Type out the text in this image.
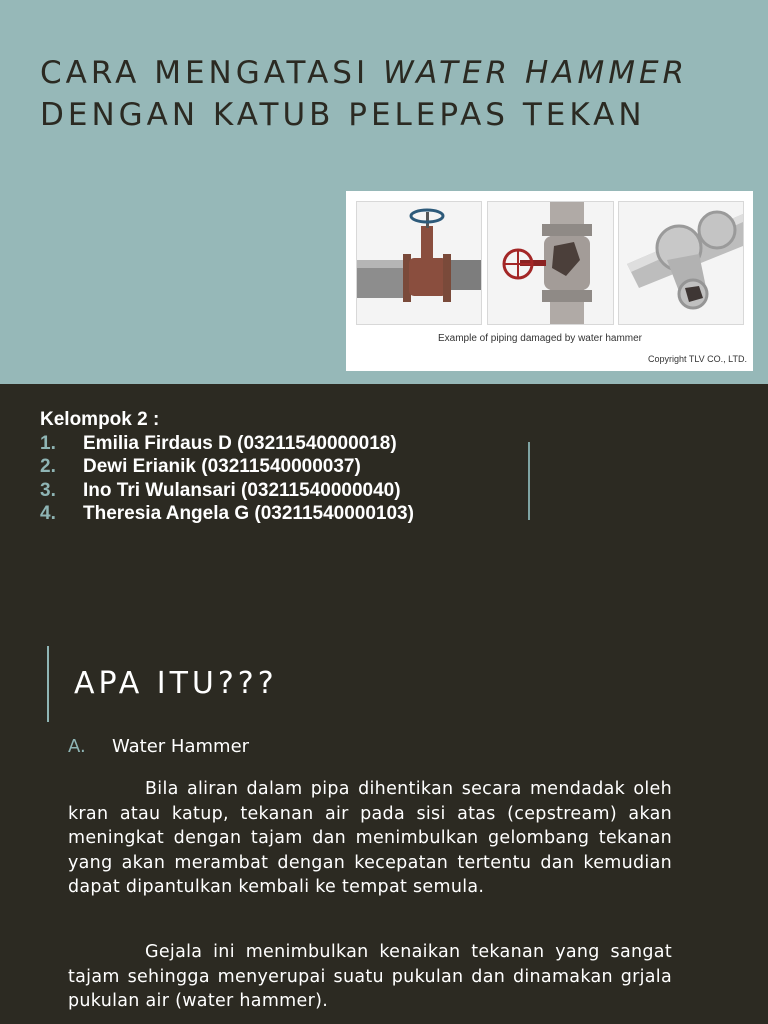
CARA MENGATASI WATER HAMMER
DENGAN KATUB PELEPAS TEKAN
Example of piping damaged by water hammer
Copyright TLV CO., LTD.
Kelompok 2 :
1.	Emilia Firdaus D (03211540000018)
2.	Dewi Erianik (03211540000037)
3.	Ino Tri Wulansari (03211540000040)
4.	Theresia Angela G (03211540000103)
APA ITU???
A. Water Hammer

Bila aliran dalam pipa dihentikan secara mendadak oleh kran atau katup, tekanan air pada sisi atas (cepstream) akan meningkat dengan tajam dan menimbulkan gelombang tekanan yang akan merambat dengan kecepatan tertentu dan kemudian dapat dipantulkan kembali ke tempat semula.

Gejala ini menimbulkan kenaikan tekanan yang sangat tajam sehingga menyerupai suatu pukulan dan dinamakan grjala pukulan air (water hammer).
